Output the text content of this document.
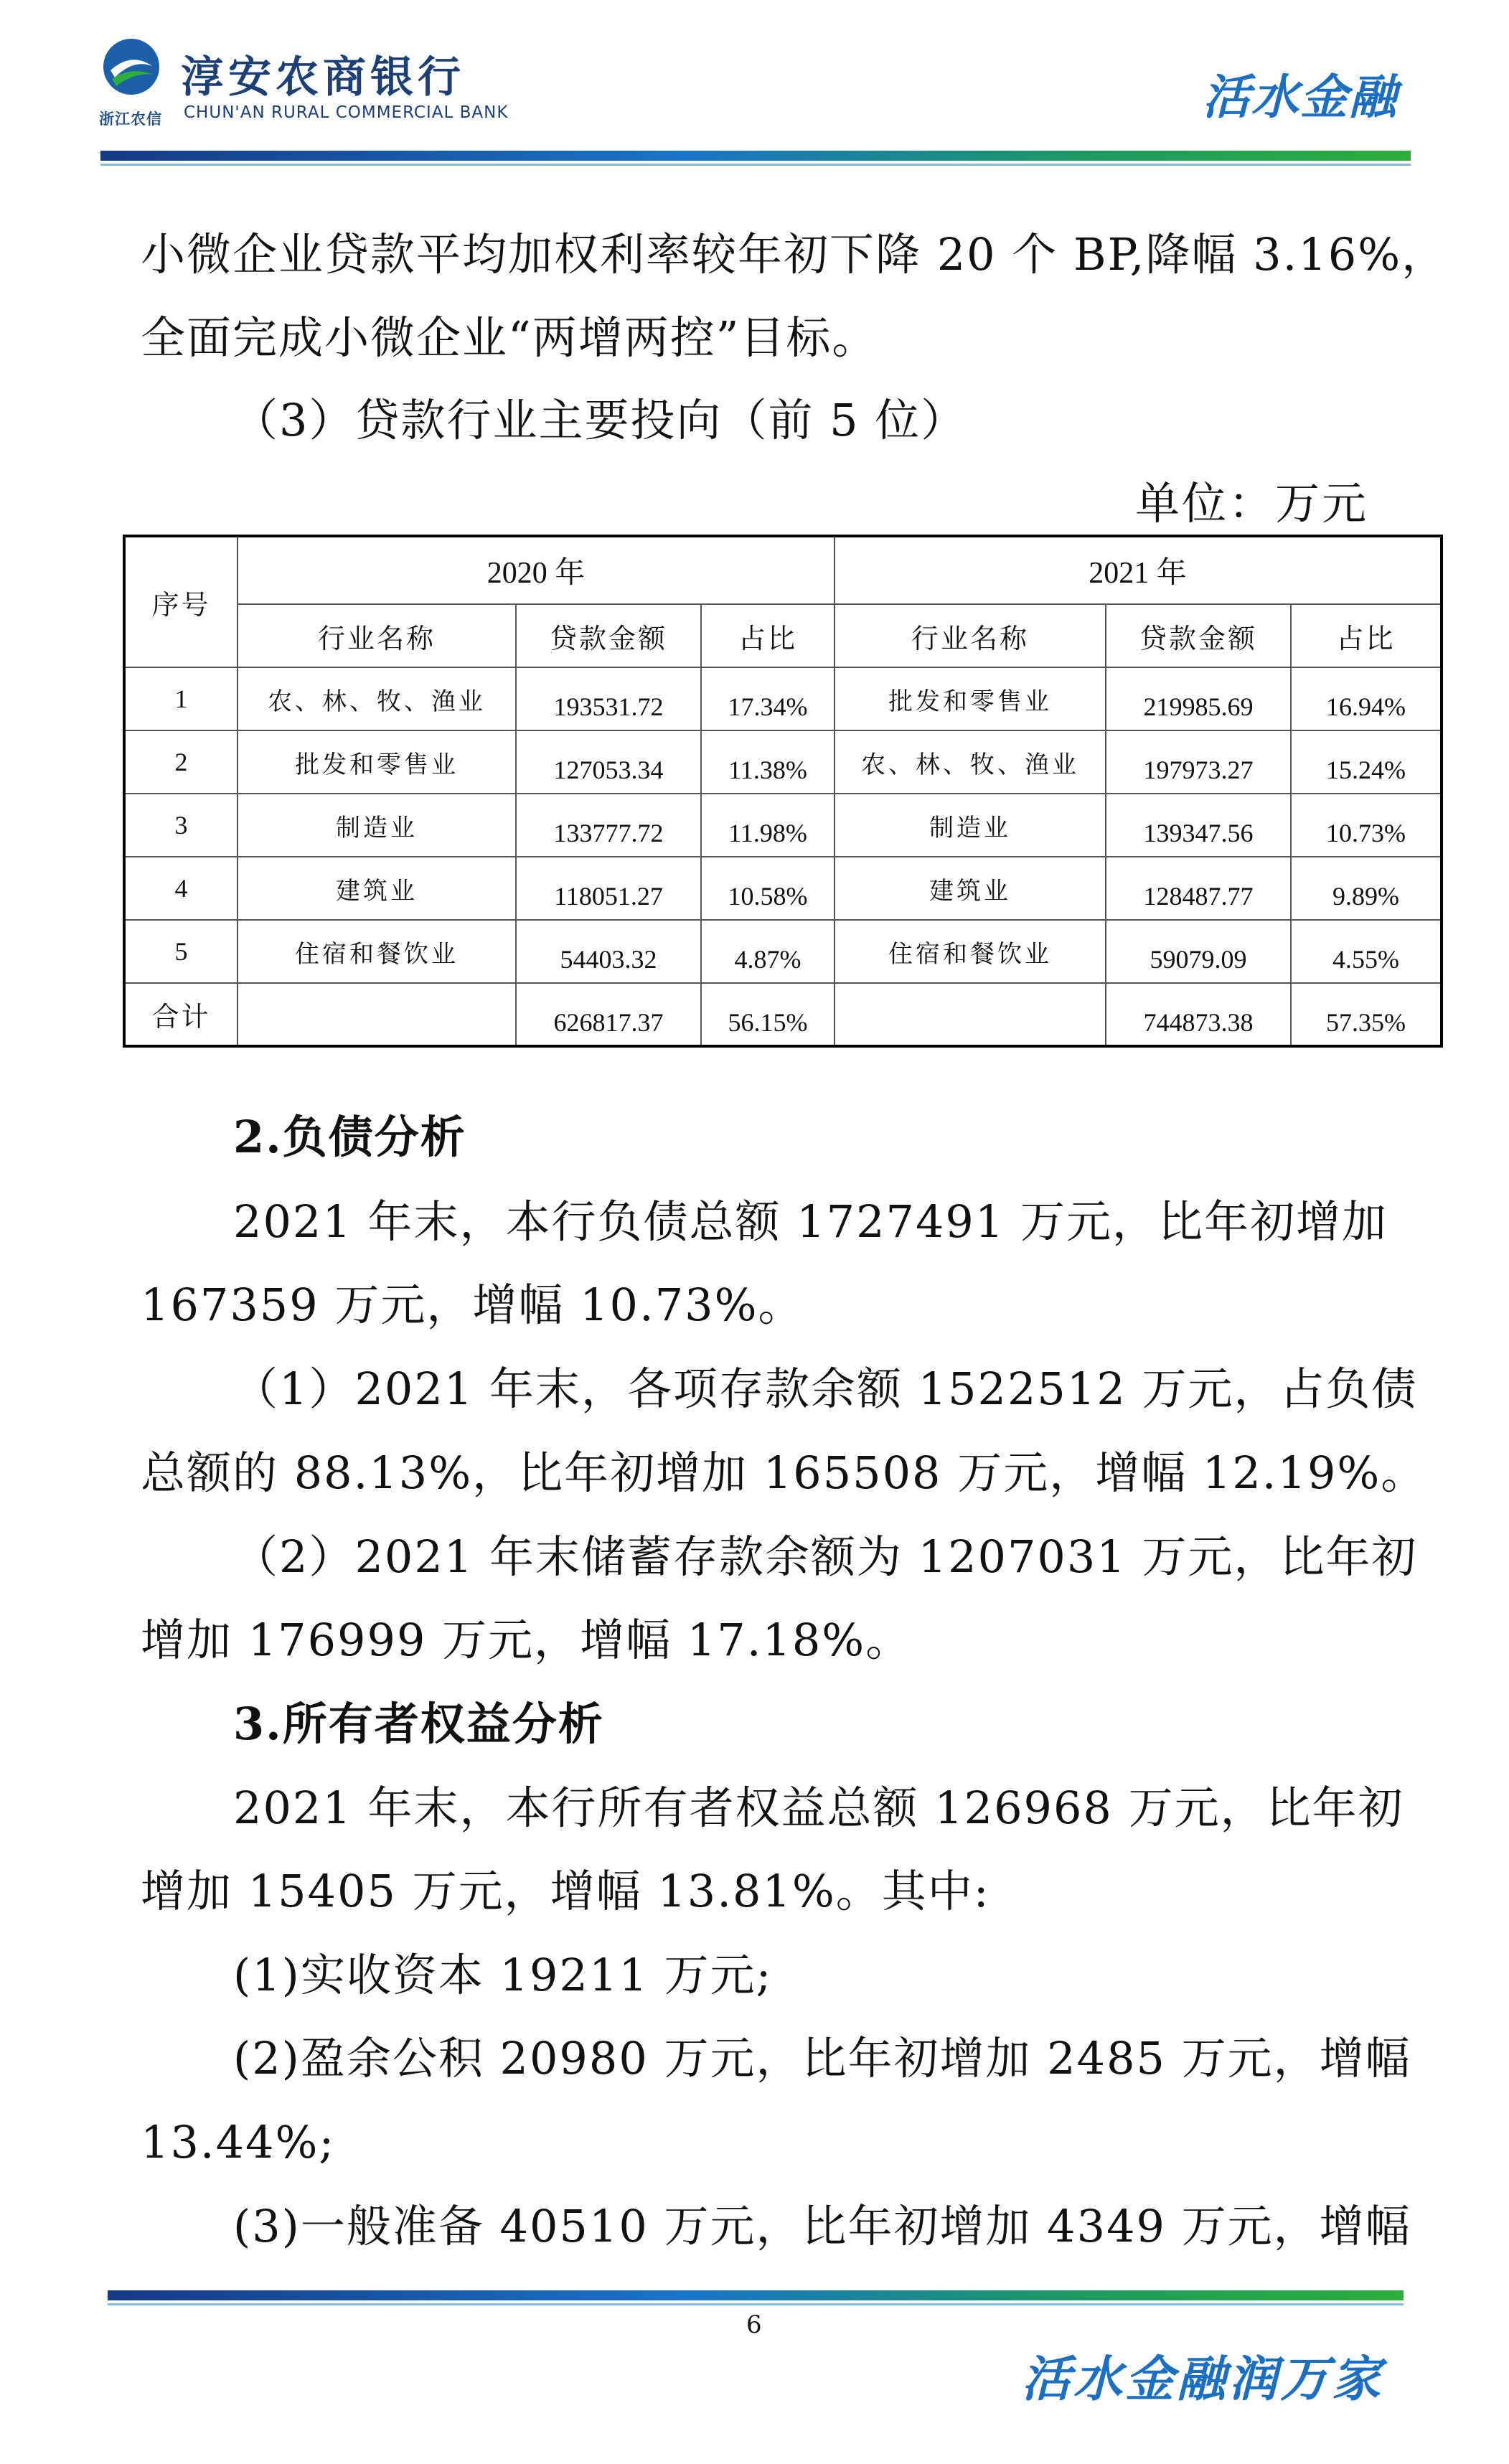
浙江农信
淳安农商银行
CHUN'AN RURAL COMMERCIAL BANK	活水金融
小微企业贷款平均加权利率较年初下降 20 个 BP,降幅 3.16%，
全面完成小微企业“两增两控”目标。
（3）贷款行业主要投向（前 5 位）
单位：万元
序号	2020 年			2021 年		
	行业名称	贷款金额	占比	行业名称	贷款金额	占比
1	农、林、牧、渔业	193531.72	17.34%	批发和零售业	219985.69	16.94%
2	批发和零售业	127053.34	11.38%	农、林、牧、渔业	197973.27	15.24%
3	制造业	133777.72	11.98%	制造业	139347.56	10.73%
4	建筑业	118051.27	10.58%	建筑业	128487.77	9.89%
5	住宿和餐饮业	54403.32	4.87%	住宿和餐饮业	59079.09	4.55%
合计		626817.37	56.15%		744873.38	57.35%
2.负债分析
2021 年末，本行负债总额 1727491 万元，比年初增加
167359 万元，增幅 10.73%。
（1）2021 年末，各项存款余额 1522512 万元，占负债
总额的 88.13%，比年初增加 165508 万元，增幅 12.19%。
（2）2021 年末储蓄存款余额为 1207031 万元，比年初
增加 176999 万元，增幅 17.18%。
3.所有者权益分析
2021 年末，本行所有者权益总额 126968 万元，比年初
增加 15405 万元，增幅 13.81%。其中:
(1)实收资本 19211 万元;
(2)盈余公积 20980 万元，比年初增加 2485 万元，增幅
13.44%;
(3)一般准备 40510 万元，比年初增加 4349 万元，增幅
6
活水金融润万家
